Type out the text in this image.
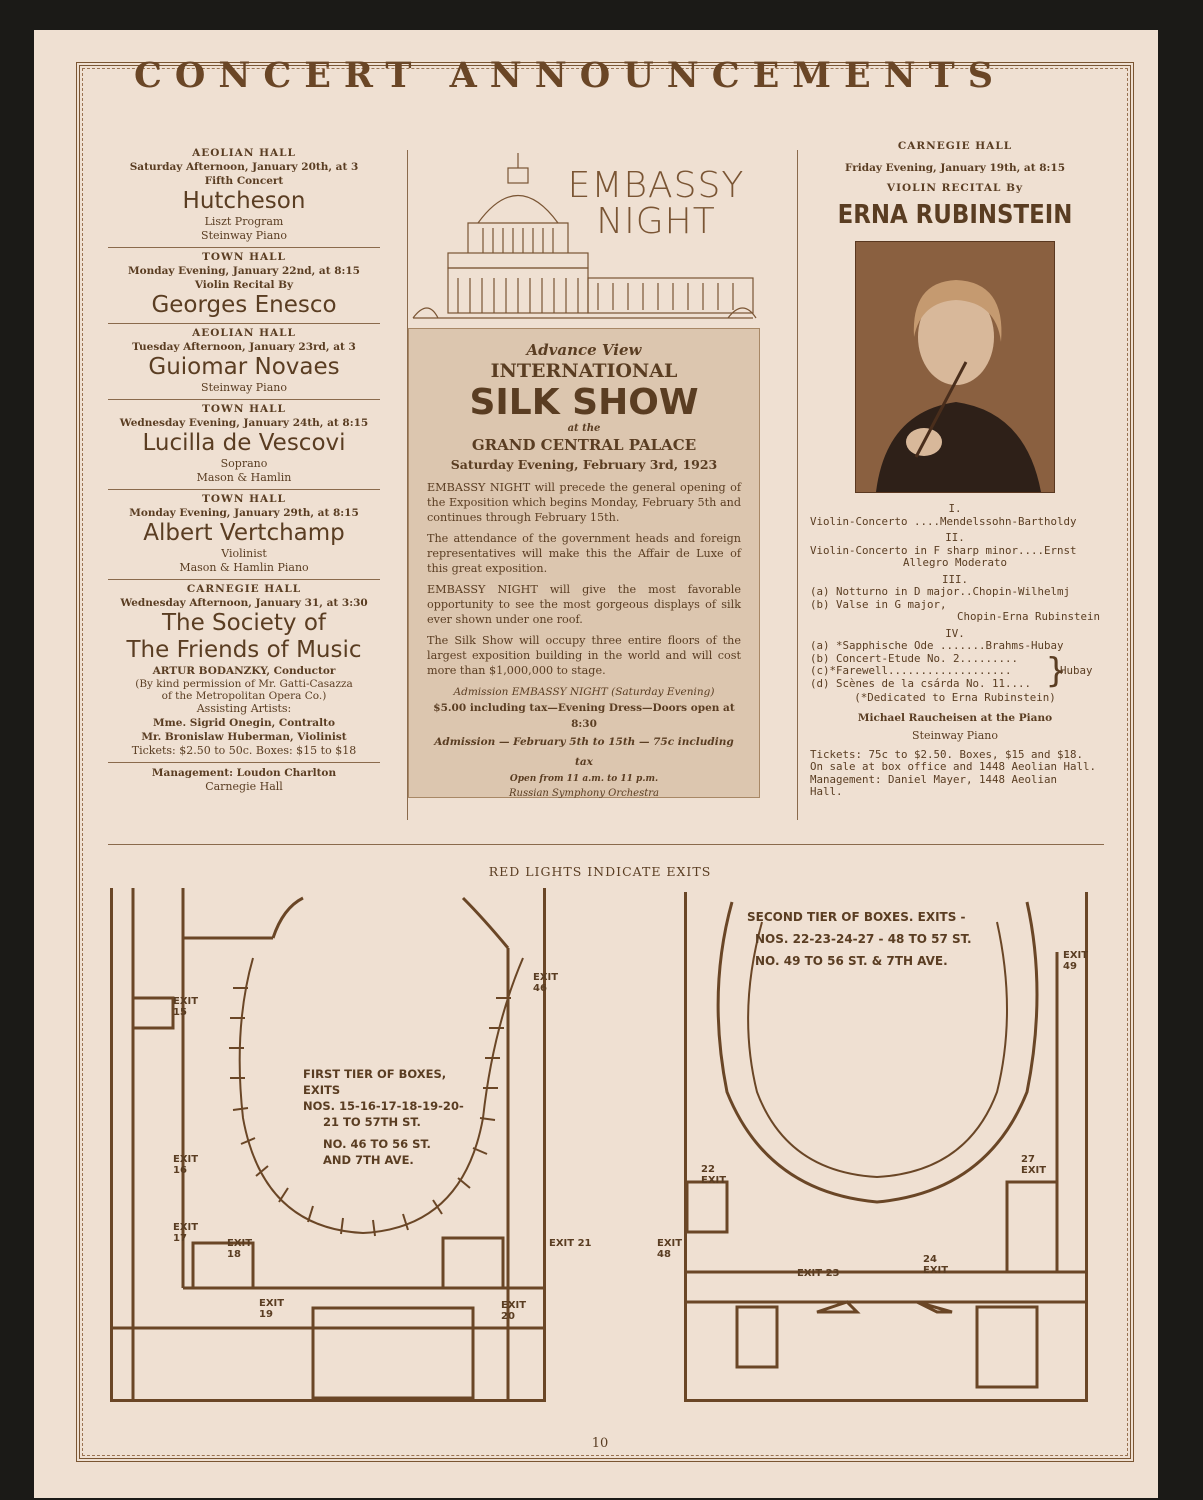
CONCERT ANNOUNCEMENTS
AEOLIAN HALL
Saturday Afternoon, January 20th, at 3
Fifth Concert
Hutcheson
Liszt Program
Steinway Piano
TOWN HALL
Monday Evening, January 22nd, at 8:15
Violin Recital By
Georges Enesco
AEOLIAN HALL
Tuesday Afternoon, January 23rd, at 3
Guiomar Novaes
Steinway Piano
TOWN HALL
Wednesday Evening, January 24th, at 8:15
Lucilla de Vescovi
Soprano
Mason & Hamlin
TOWN HALL
Monday Evening, January 29th, at 8:15
Albert Vertchamp
Violinist
Mason & Hamlin Piano
CARNEGIE HALL
Wednesday Afternoon, January 31, at 3:30
The Society of
The Friends of Music
ARTUR BODANZKY, Conductor
(By kind permission of Mr. Gatti-Casazza
of the Metropolitan Opera Co.)
Assisting Artists:
Mme. Sigrid Onegin, Contralto
Mr. Bronislaw Huberman, Violinist
Tickets: $2.50 to 50c. Boxes: $15 to $18
Management: Loudon Charlton
Carnegie Hall
EMBASSY
NIGHT
Advance View
INTERNATIONAL
SILK SHOW
at the
GRAND CENTRAL PALACE
Saturday Evening, February 3rd, 1923

EMBASSY NIGHT will precede the general opening of the Exposition which begins Monday, February 5th and continues through February 15th.

The attendance of the government heads and foreign representatives will make this the Affair de Luxe of this great exposition.

EMBASSY NIGHT will give the most favorable opportunity to see the most gorgeous displays of silk ever shown under one roof.

The Silk Show will occupy three entire floors of the largest exposition building in the world and will cost more than $1,000,000 to stage.

Admission EMBASSY NIGHT (Saturday Evening)
$5.00 including tax—Evening Dress—Doors open at 8:30
Admission — February 5th to 15th — 75c including tax
Open from 11 a.m. to 11 p.m.
Russian Symphony Orchestra
CARNEGIE HALL
Friday Evening, January 19th, at 8:15
VIOLIN RECITAL By
ERNA RUBINSTEIN
I.
Violin-Concerto ....Mendelssohn-Bartholdy
II.
Violin-Concerto in F sharp minor....Ernst
Allegro Moderato
III.
(a) Notturno in D major..Chopin-Wilhelmj
(b) Valse in G major,
Chopin-Erna Rubinstein
IV.
(a) *Sapphische Ode .......Brahms-Hubay
(b) Concert-Etude No. 2.........
(c)*Farewell...................
(d) Scènes de la csárda No. 11.... }
Hubay
(*Dedicated to Erna Rubinstein)
Michael Raucheisen at the Piano
Steinway Piano
Tickets: 75c to $2.50. Boxes, $15 and $18.
On sale at box office and 1448 Aeolian Hall.
Management: Daniel Mayer, 1448 Aeolian
Hall.
RED LIGHTS INDICATE EXITS
FIRST TIER OF BOXES, EXITS
NOS. 15-16-17-18-19-20-
21 TO 57TH ST.
NO. 46 TO 56 ST.
AND 7TH AVE.
EXIT 15
EXIT 16
EXIT 17	EXIT 18
EXIT 19
EXIT 20
EXIT 21
EXIT 46
SECOND TIER OF BOXES. EXITS -
NOS. 22-23-24-27 - 48 TO 57 ST.
NO. 49 TO 56 ST. & 7TH AVE.
22 EXIT
EXIT 23
24 EXIT
27 EXIT
EXIT 48
EXIT 49
10
